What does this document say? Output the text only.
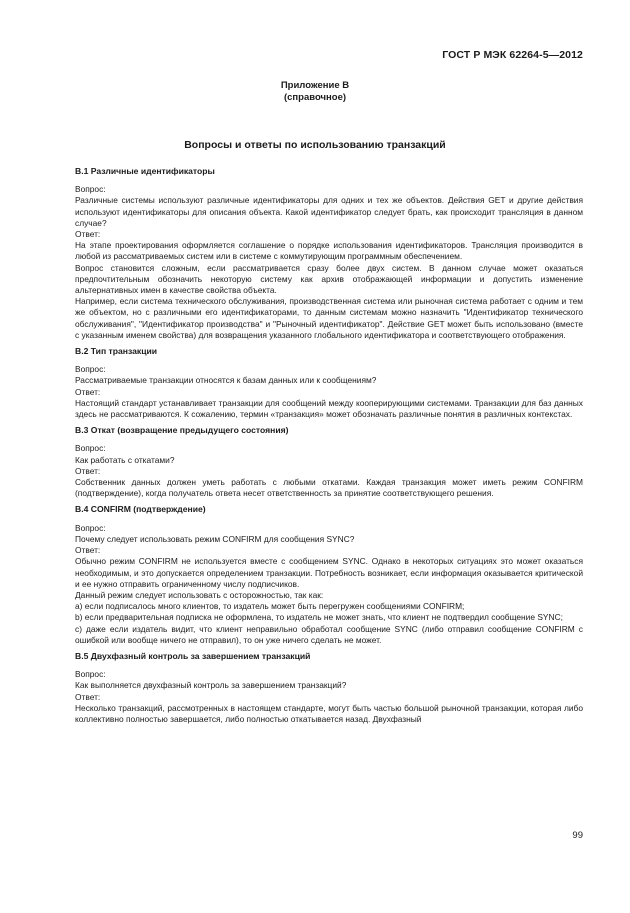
ГОСТ Р МЭК 62264-5—2012
Приложение В
(справочное)
Вопросы и ответы по использованию транзакций
В.1 Различные идентификаторы

Вопрос:

Различные системы используют различные идентификаторы для одних и тех же объектов. Действия GET и другие действия используют идентификаторы для описания объекта. Какой идентификатор следует брать, как происходит трансляция в данном случае?

Ответ:

На этапе проектирования оформляется соглашение о порядке использования идентификаторов. Трансляция производится в любой из рассматриваемых систем или в системе с коммутирующим программным обеспечением.

Вопрос становится сложным, если рассматривается сразу более двух систем. В данном случае может оказаться предпочтительным обозначить некоторую систему как архив отображающей информации и допустить изменение альтернативных имен в качестве свойства объекта.

Например, если система технического обслуживания, производственная система или рыночная система работает с одним и тем же объектом, но с различными его идентификаторами, то данным системам можно назначить "Идентификатор технического обслуживания", "Идентификатор производства" и "Рыночный идентификатор". Действие GET может быть использовано (вместе с указанным именем свойства) для возвращения указанного глобального идентификатора и соответствующего отображения.

В.2 Тип транзакции

Вопрос:

Рассматриваемые транзакции относятся к базам данных или к сообщениям?

Ответ:

Настоящий стандарт устанавливает транзакции для сообщений между кооперирующими системами. Транзакции для баз данных здесь не рассматриваются. К сожалению, термин «транзакция» может обозначать различные понятия в различных контекстах.

В.3 Откат (возвращение предыдущего состояния)

Вопрос:

Как работать с откатами?

Ответ:

Собственник данных должен уметь работать с любыми откатами. Каждая транзакция может иметь режим CONFIRM (подтверждение), когда получатель ответа несет ответственность за принятие соответствующего решения.

В.4 CONFIRM (подтверждение)

Вопрос:

Почему следует использовать режим CONFIRM для сообщения SYNC?

Ответ:

Обычно режим CONFIRM не используется вместе с сообщением SYNC. Однако в некоторых ситуациях это может оказаться необходимым, и это допускается определением транзакции. Потребность возникает, если информация оказывается критической и ее нужно отправить ограниченному числу подписчиков.

Данный режим следует использовать с осторожностью, так как:

a) если подписалось много клиентов, то издатель может быть перегружен сообщениями CONFIRM;

b) если предварительная подписка не оформлена, то издатель не может знать, что клиент не подтвердил сообщение SYNC;

c) даже если издатель видит, что клиент неправильно обработал сообщение SYNC (либо отправил сообщение CONFIRM с ошибкой или вообще ничего не отправил), то он уже ничего сделать не может.

В.5 Двухфазный контроль за завершением транзакций

Вопрос:

Как выполняется двухфазный контроль за завершением транзакций?

Ответ:

Несколько транзакций, рассмотренных в настоящем стандарте, могут быть частью большой рыночной транзакции, которая либо коллективно полностью завершается, либо полностью откатывается назад. Двухфазный

99
